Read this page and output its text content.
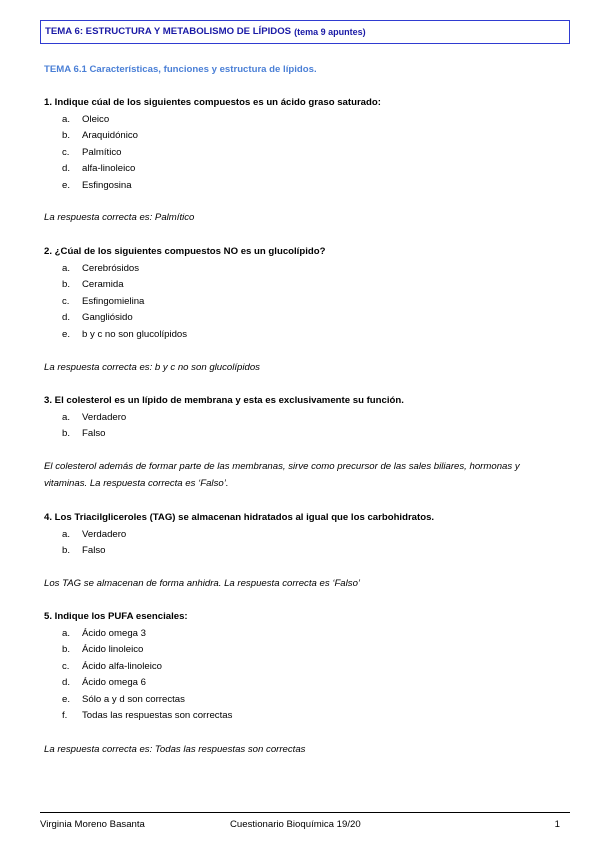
TEMA 6: ESTRUCTURA Y METABOLISMO DE LÍPIDOS (tema 9 apuntes)
TEMA 6.1 Características, funciones y estructura de lípidos.
1. Indique cúal de los siguientes compuestos es un ácido graso saturado:
a.	Oleico
b.	Araquidónico
c.	Palmítico
d.	alfa-linoleico
e.	Esfingosina
La respuesta correcta es: Palmítico
2. ¿Cúal de los siguientes compuestos NO es un glucolípido?
a.	Cerebrósidos
b.	Ceramida
c.	Esfingomielina
d.	Gangliósido
e.	b y c no son glucolípidos
La respuesta correcta es: b y c no son glucolípidos
3. El colesterol es un lípido de membrana y esta es exclusivamente su función.
a.	Verdadero
b.	Falso
El colesterol además de formar parte de las membranas, sirve como precursor de las sales biliares, hormonas y vitaminas. La respuesta correcta es ‘Falso’.
4. Los Triacilgliceroles (TAG) se almacenan hidratados al igual que los carbohidratos.
a.	Verdadero
b.	Falso
Los TAG se almacenan de forma anhidra. La respuesta correcta es ‘Falso’
5. Indique los PUFA esenciales:
a.	Ácido omega 3
b.	Ácido linoleico
c.	Ácido alfa-linoleico
d.	Ácido omega 6
e.	Sólo a y d son correctas
f.	Todas las respuestas son correctas
La respuesta correcta es: Todas las respuestas son correctas
Virginia Moreno Basanta	Cuestionario Bioquímica 19/20	1
